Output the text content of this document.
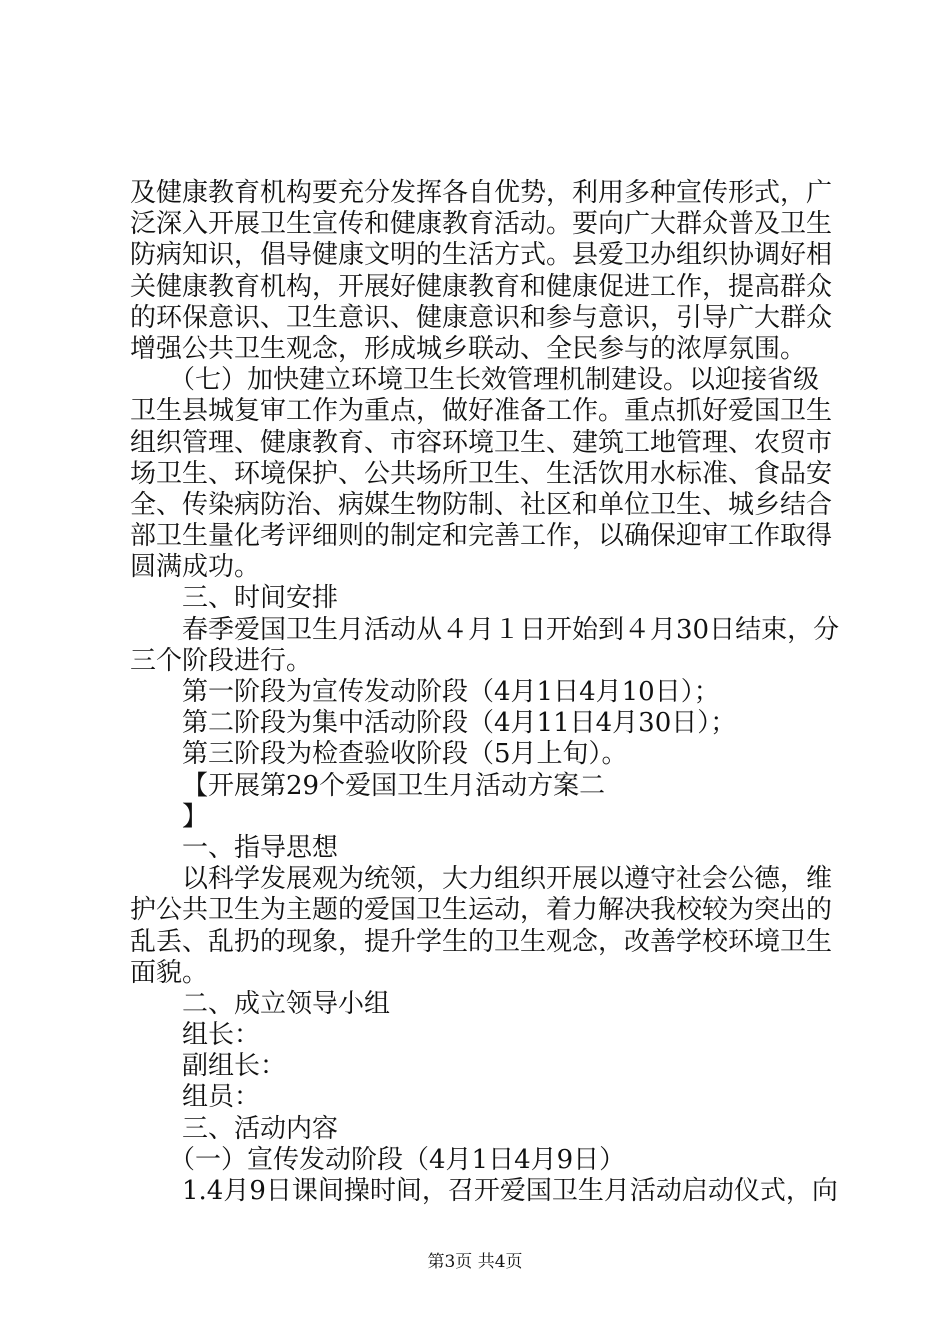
及健康教育机构要充分发挥各自优势，利用多种宣传形式，广
泛深入开展卫生宣传和健康教育活动。要向广大群众普及卫生
防病知识，倡导健康文明的生活方式。县爱卫办组织协调好相
关健康教育机构，开展好健康教育和健康促进工作，提高群众
的环保意识、卫生意识、健康意识和参与意识，引导广大群众
增强公共卫生观念，形成城乡联动、全民参与的浓厚氛围。
（七）加快建立环境卫生长效管理机制建设。以迎接省级
卫生县城复审工作为重点，做好准备工作。重点抓好爱国卫生
组织管理、健康教育、市容环境卫生、建筑工地管理、农贸市
场卫生、环境保护、公共场所卫生、生活饮用水标准、食品安
全、传染病防治、病媒生物防制、社区和单位卫生、城乡结合
部卫生量化考评细则的制定和完善工作，以确保迎审工作取得
圆满成功。
三、时间安排
春季爱国卫生月活动从４月１日开始到４月30日结束，分
三个阶段进行。
第一阶段为宣传发动阶段（4月1日4月10日）；
第二阶段为集中活动阶段（4月11日4月30日）；
第三阶段为检查验收阶段（5月上旬）。
【开展第29个爱国卫生月活动方案二
】
一、指导思想
以科学发展观为统领，大力组织开展以遵守社会公德，维
护公共卫生为主题的爱国卫生运动，着力解决我校较为突出的
乱丢、乱扔的现象，提升学生的卫生观念，改善学校环境卫生
面貌。
二、成立领导小组
组长：
副组长：
组员：
三、活动内容
（一）宣传发动阶段（4月1日4月9日）
1.4月9日课间操时间，召开爱国卫生月活动启动仪式，向
第3页 共4页
